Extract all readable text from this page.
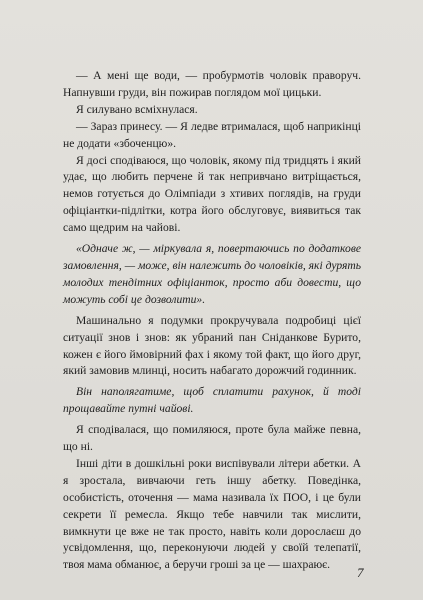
— А мені ще води, — пробурмотів чоловік праворуч. Напнувши груди, він пожирав поглядом мої цицьки.

Я силувано всміхнулася.

— Зараз принесу. — Я ледве втрималася, щоб наприкінці не додати «збоченцю».

Я досі сподіваюся, що чоловік, якому під тридцять і який удає, що любить перчене й так непривчано витріщається, немов готується до Олімпіади з хтивих поглядів, на груди офіціантки-підлітки, котра його обслуговує, виявиться так само щедрим на чайові.

«Одначе ж, — міркувала я, повертаючись по додаткове замовлення, — може, він належить до чоловіків, які дурять молодих тендітних офіціанток, просто аби довести, що можуть собі це дозволити».

Машинально я подумки прокручувала подробиці цієї ситуації знов і знов: як убраний пан Сніданкове Бурито, кожен є його ймовірний фах і якому той факт, що його друг, який замовив млинці, носить набагато дорожчий годинник.

Він наполягатиме, щоб сплатити рахунок, й тоді прощавайте путні чайові.

Я сподівалася, що помиляюся, проте була майже певна, що ні.

Інші діти в дошкільні роки виспівували літери абетки. А я зростала, вивчаючи геть іншу абетку. Поведінка, особистість, оточення — мама називала їх ПОО, і це були секрети її ремесла. Якщо тебе навчили так мислити, вимкнути це вже не так просто, навіть коли дорослаєш до усвідомлення, що, переконуючи людей у своїй телепатії, твоя мама обманює, а беручи гроші за це — шахраює.

7
